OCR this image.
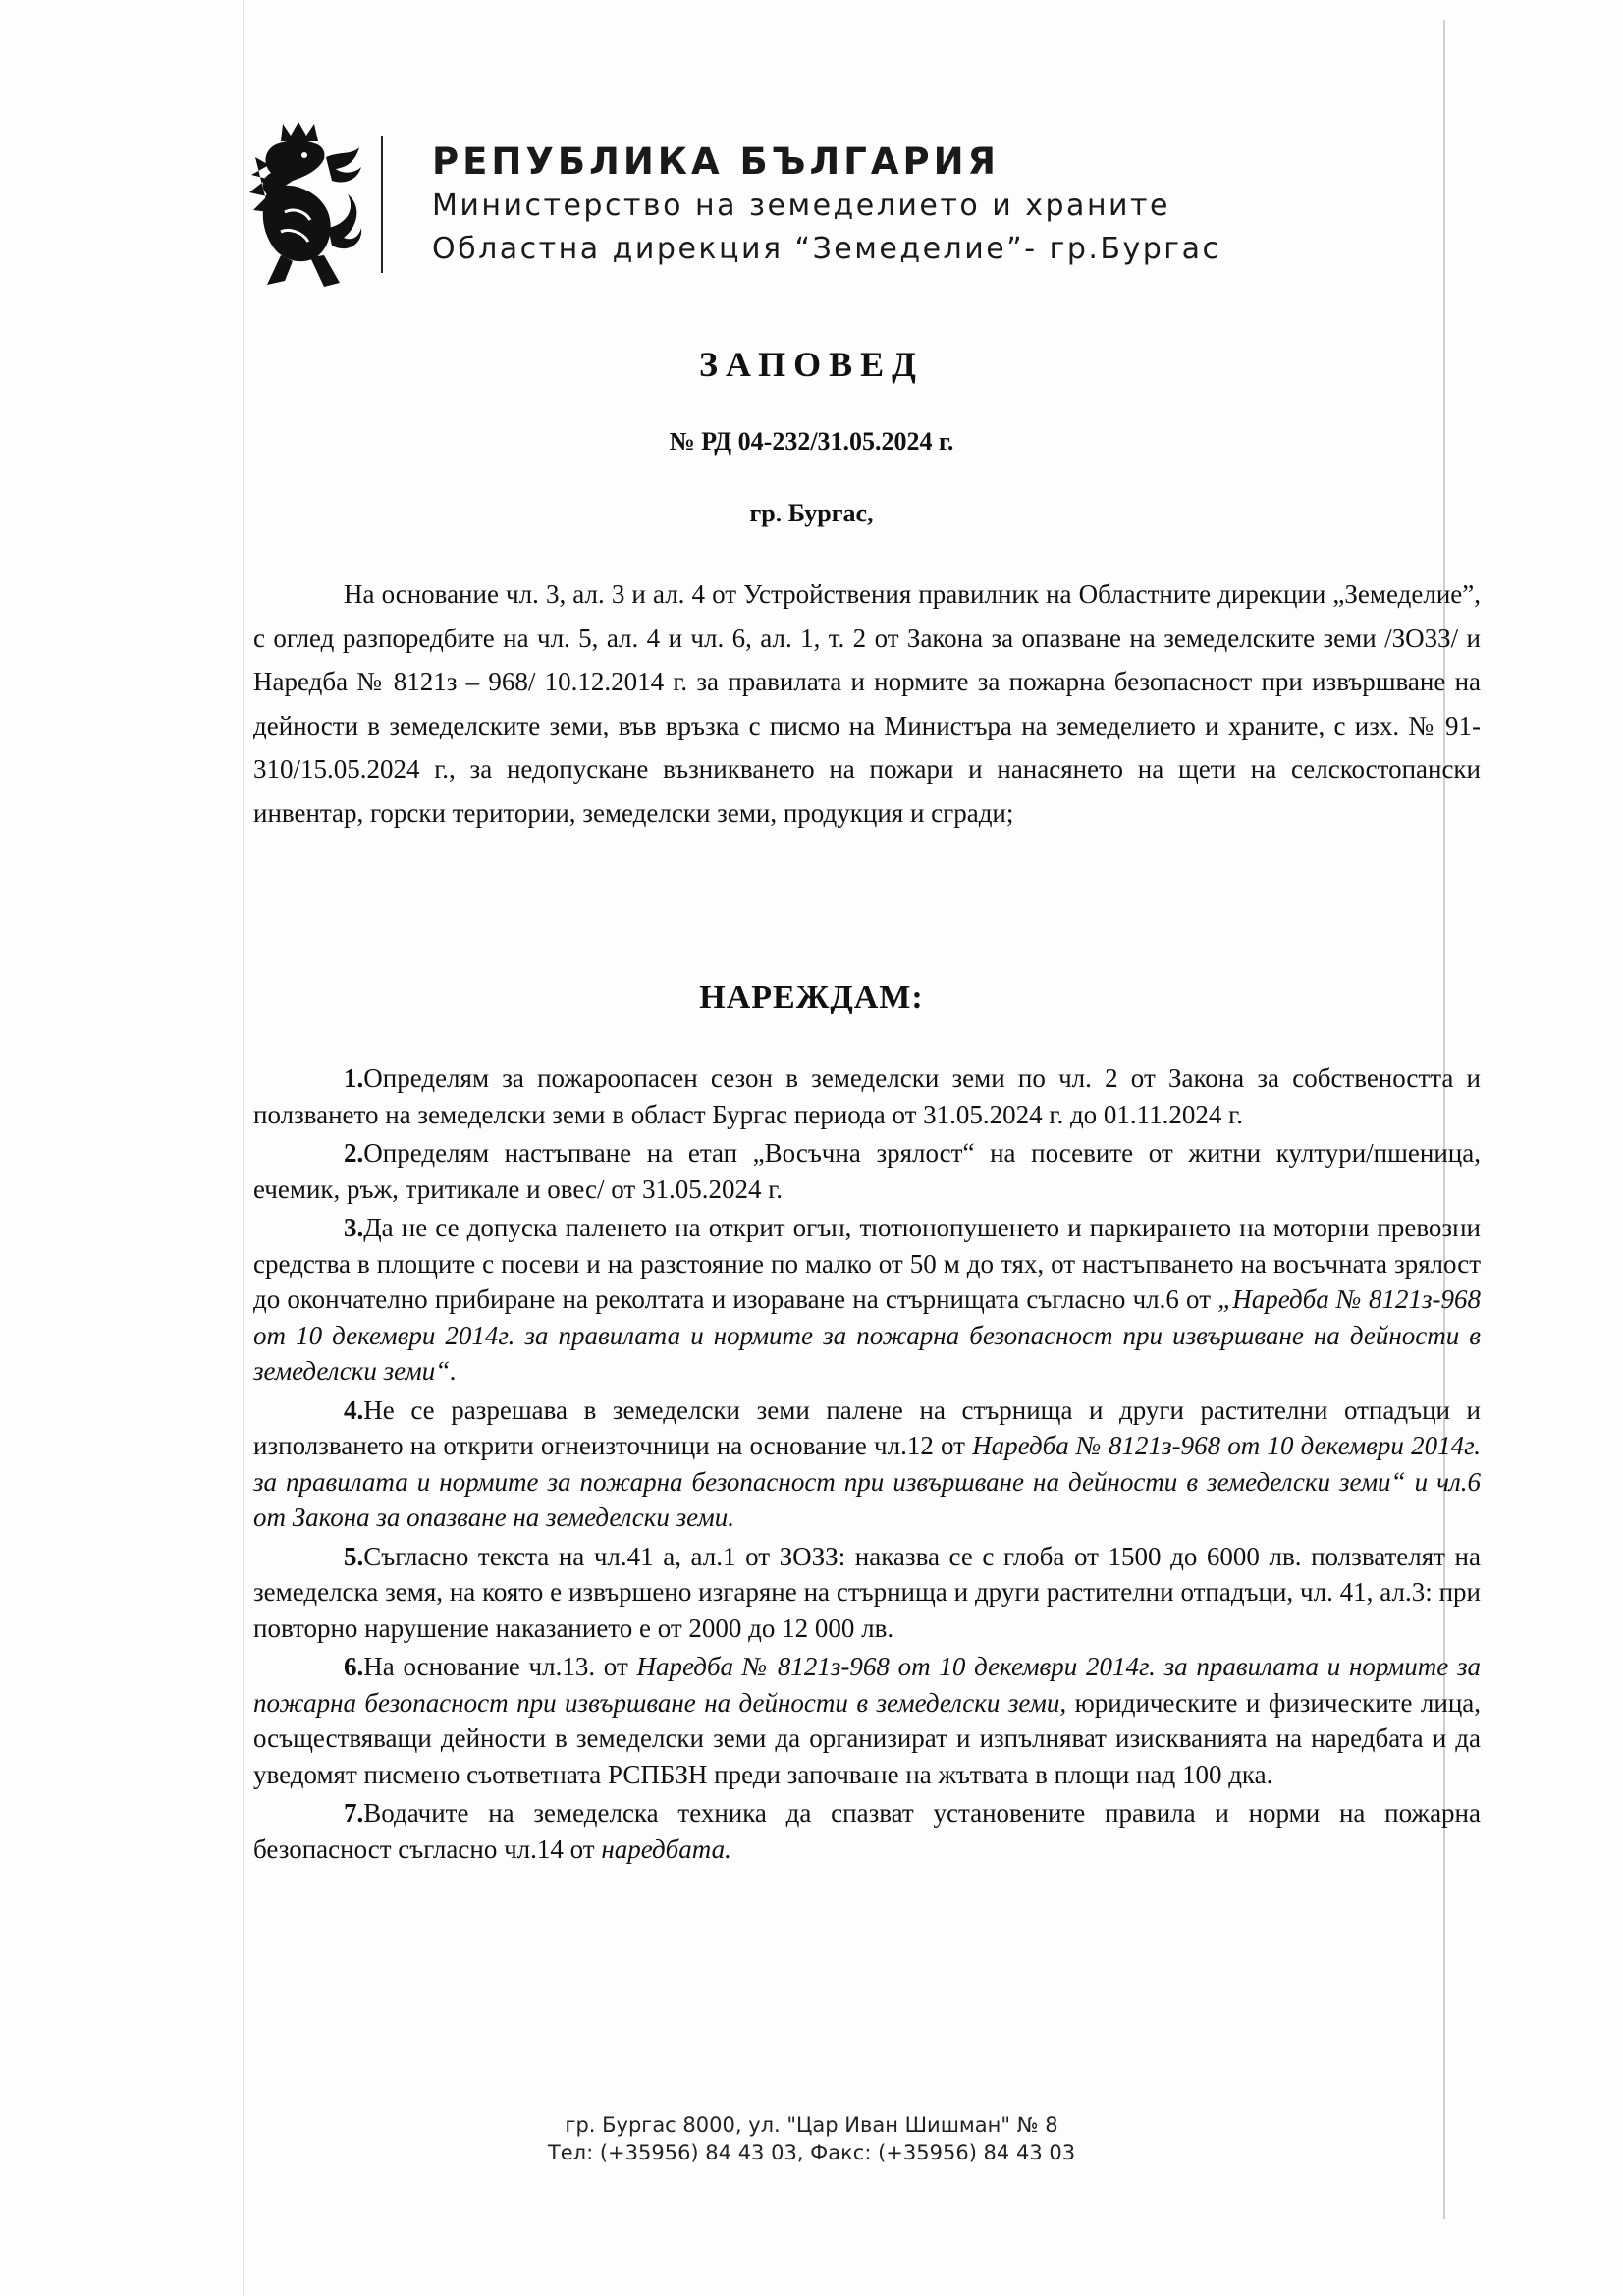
РЕПУБЛИКА БЪЛГАРИЯ
Министерство на земеделието и храните
Областна дирекция “Земеделие”- гр.Бургас
ЗАПОВЕД
№ РД 04-232/31.05.2024 г.
гр. Бургас,

На основание чл. 3, ал. 3 и ал. 4 от Устройствения правилник на Областните дирекции „Земеделие”, с оглед разпоредбите на чл. 5, ал. 4 и чл. 6, ал. 1, т. 2 от Закона за опазване на земеделските земи /ЗОЗЗ/ и Наредба № 8121з – 968/ 10.12.2014 г. за правилата и нормите за пожарна безопасност при извършване на дейности в земеделските земи, във връзка с писмо на Министъра на земеделието и храните, с изх. № 91-310/15.05.2024 г., за недопускане възникването на пожари и нанасянето на щети на селскостопански инвентар, горски територии, земеделски земи, продукция и сгради;

НАРЕЖДАМ:

1.Определям за пожароопасен сезон в земеделски земи по чл. 2 от Закона за собствеността и ползването на земеделски земи в област Бургас периода от 31.05.2024 г. до 01.11.2024 г.

2.Определям настъпване на етап „Восъчна зрялост“ на посевите от житни култури/пшеница, ечемик, ръж, тритикале и овес/ от 31.05.2024 г.

3.Да не се допуска паленето на открит огън, тютюнопушенето и паркирането на моторни превозни средства в площите с посеви и на разстояние по малко от 50 м до тях, от настъпването на восъчната зрялост до окончателно прибиране на реколтата и изораване на стърнищата съгласно чл.6 от „Наредба № 8121з-968 от 10 декември 2014г. за правилата и нормите за пожарна безопасност при извършване на дейности в земеделски земи“.

4.Не се разрешава в земеделски земи палене на стърнища и други растителни отпадъци и използването на открити огнеизточници на основание чл.12 от Наредба № 8121з-968 от 10 декември 2014г. за правилата и нормите за пожарна безопасност при извършване на дейности в земеделски земи“ и чл.6 от Закона за опазване на земеделски земи.

5.Съгласно текста на чл.41 а, ал.1 от ЗОЗЗ: наказва се с глоба от 1500 до 6000 лв. ползвателят на земеделска земя, на която е извършено изгаряне на стърнища и други растителни отпадъци, чл. 41, ал.3: при повторно нарушение наказанието е от 2000 до 12 000 лв.

6.На основание чл.13. от Наредба № 8121з-968 от 10 декември 2014г. за правилата и нормите за пожарна безопасност при извършване на дейности в земеделски земи, юридическите и физическите лица, осъществяващи дейности в земеделски земи да организират и изпълняват изискванията на наредбата и да уведомят писмено съответната РСПБЗН преди започване на жътвата в площи над 100 дка.

7.Водачите на земеделска техника да спазват установените правила и норми на пожарна безопасност съгласно чл.14 от наредбата.

гр. Бургас 8000, ул. "Цар Иван Шишман" № 8
Тел: (+35956) 84 43 03, Факс: (+35956) 84 43 03
